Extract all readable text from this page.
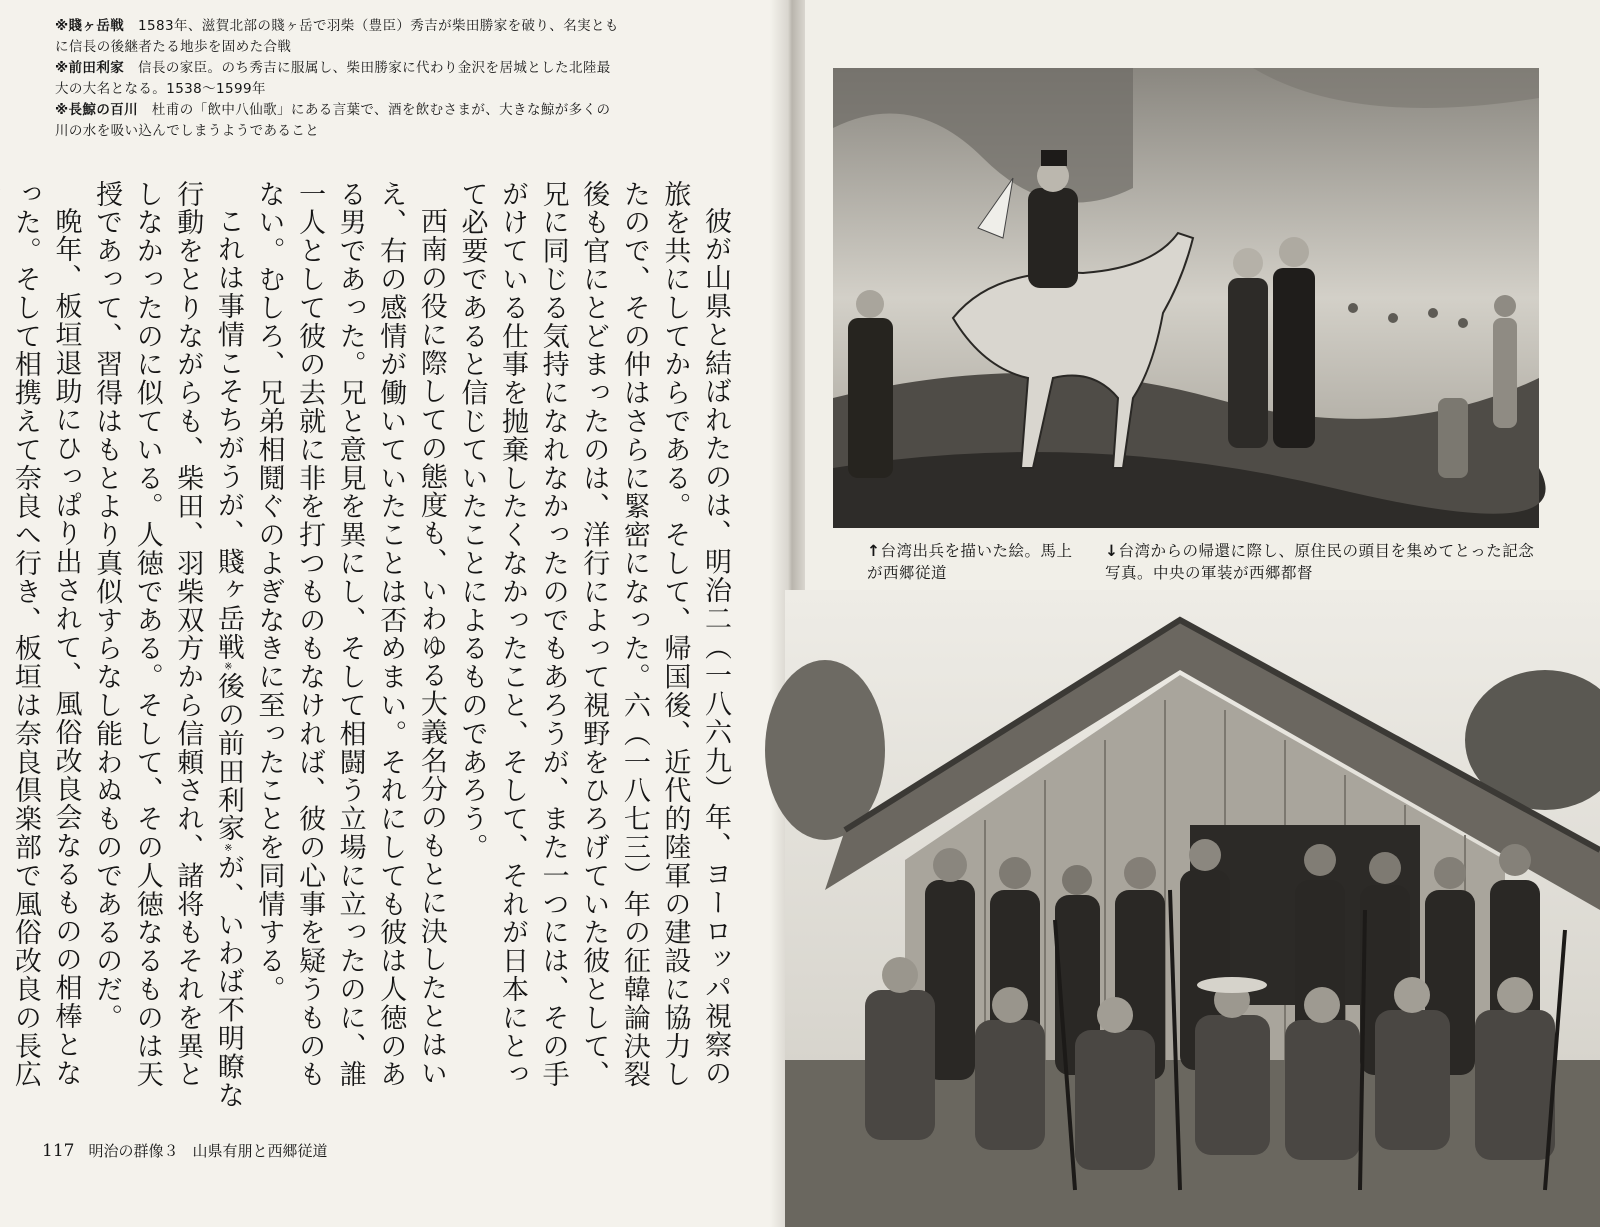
※賤ヶ岳戦　1583年、滋賀北部の賤ヶ岳で羽柴（豊臣）秀吉が柴田勝家を破り、名実とも
に信長の後継者たる地歩を固めた合戦
※前田利家　信長の家臣。のち秀吉に服属し、柴田勝家に代わり金沢を居城とした北陸最
大の大名となる。1538～1599年
※長鯨の百川　杜甫の「飲中八仙歌」にある言葉で、酒を飲むさまが、大きな鯨が多くの
川の水を吸い込んでしまうようであること

彼が山県と結ばれたのは、明治二（一八六九）年、ヨーロッパ視察の旅を共にしてからである。そして、帰国後、近代的陸軍の建設に協力したので、その仲はさらに緊密になった。六（一八七三）年の征韓論決裂後も官にとどまったのは、洋行によって視野をひろげていた彼として、兄に同じる気持になれなかったのでもあろうが、また一つには、その手がけている仕事を抛棄したくなかったこと、そして、それが日本にとって必要であると信じていたことによるものであろう。

西南の役に際しての態度も、いわゆる大義名分のもとに決したとはいえ、右の感情が働いていたことは否めまい。それにしても彼は人徳のある男であった。兄と意見を異にし、そして相闘う立場に立ったのに、誰一人として彼の去就に非を打つものもなければ、彼の心事を疑うものもない。むしろ、兄弟相鬩ぐのよぎなきに至ったことを同情する。

これは事情こそちがうが、賤ヶ岳戦※後の前田利家※が、いわば不明瞭な行動をとりながらも、柴田、羽柴双方から信頼され、諸将もそれを異としなかったのに似ている。人徳である。そして、その人徳なるものは天授であって、習得はもとより真似すらなし能わぬものであるのだ。

晩年、板垣退助にひっぱり出されて、風俗改良会なるものの相棒となった。そして相携えて奈良へ行き、板垣は奈良倶楽部で風俗改良の長広

117 明治の群像３ 山県有朋と西郷従道
↑台湾出兵を描いた絵。馬上が西郷従道
↓台湾からの帰還に際し、原住民の頭目を集めてとった記念写真。中央の軍装が西郷都督
